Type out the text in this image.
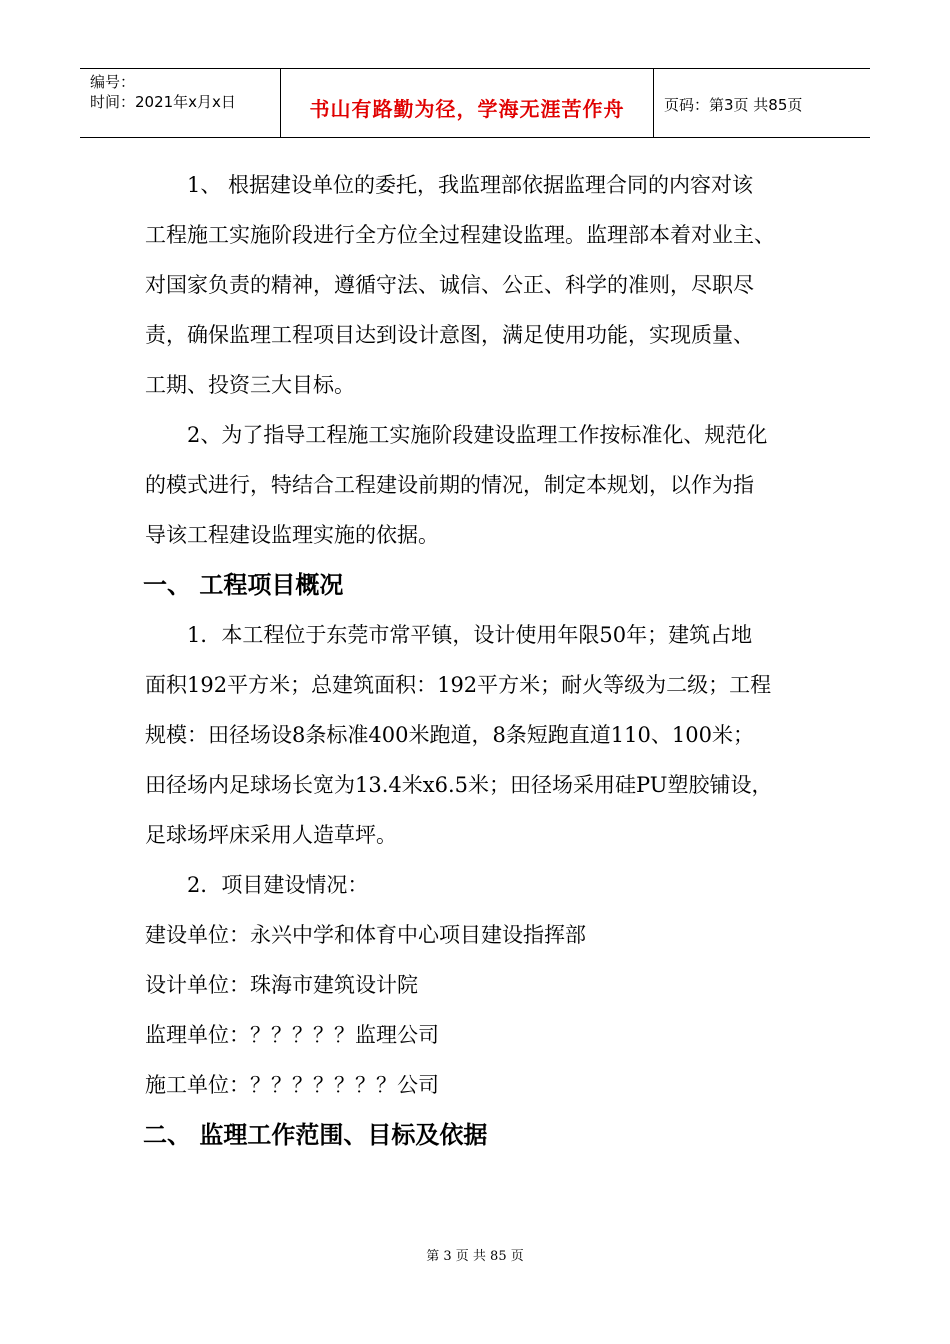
编号：
时间：2021年x月x日	书山有路勤为径，学海无涯苦作舟	页码：第3页 共85页
1、 根据建设单位的委托，我监理部依据监理合同的内容对该
工程施工实施阶段进行全方位全过程建设监理。监理部本着对业主、
对国家负责的精神，遵循守法、诚信、公正、科学的准则，尽职尽
责，确保监理工程项目达到设计意图，满足使用功能，实现质量、
工期、投资三大目标。
2、为了指导工程施工实施阶段建设监理工作按标准化、规范化
的模式进行，特结合工程建设前期的情况，制定本规划，以作为指
导该工程建设监理实施的依据。
一、 工程项目概况
1．本工程位于东莞市常平镇，设计使用年限50年；建筑占地
面积192平方米；总建筑面积：192平方米；耐火等级为二级；工程
规模：田径场设8条标准400米跑道，8条短跑直道110、100米；
田径场内足球场长宽为13.4米x6.5米；田径场采用硅PU塑胶铺设，
足球场坪床采用人造草坪。
2．项目建设情况：
建设单位：永兴中学和体育中心项目建设指挥部
设计单位：珠海市建筑设计院
监理单位：？？？？？监理公司
施工单位：？？？？？？？公司
二、 监理工作范围、目标及依据
第 3 页 共 85 页
